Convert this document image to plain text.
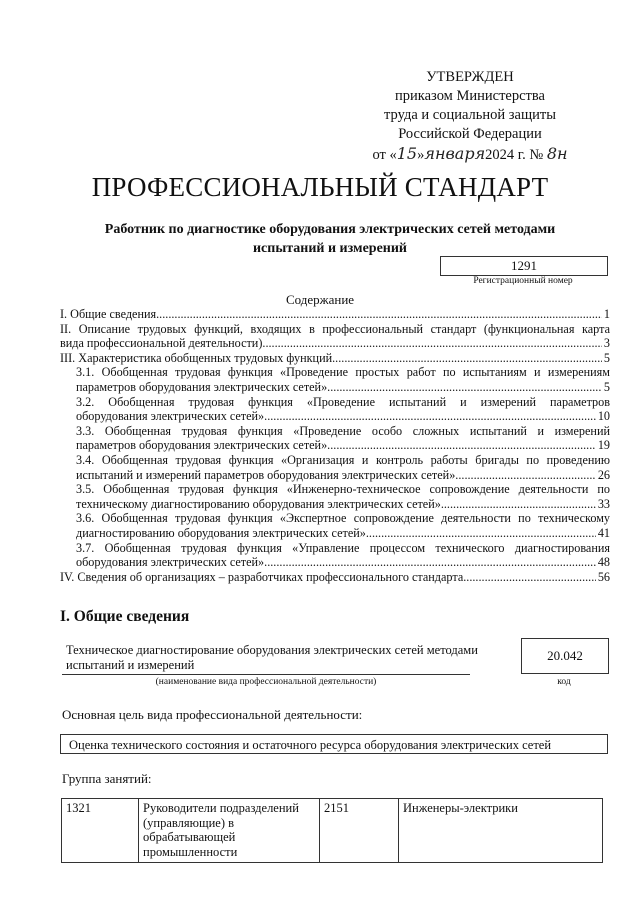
УТВЕРЖДЕН
приказом Министерства
труда и социальной защиты
Российской Федерации
от «15»января2024 г. № 8н
ПРОФЕССИОНАЛЬНЫЙ СТАНДАРТ
Работник по диагностике оборудования электрических сетей методами испытаний и измерений
1291
Регистрационный номер
Содержание
I. Общие сведения .....	1
II. Описание трудовых функций, входящих в профессиональный стандарт (функциональная карта
вида профессиональной деятельности) .....	3
III. Характеристика обобщенных трудовых функций .....	5
3.1. Обобщенная трудовая функция «Проведение простых работ по испытаниям и измерениям
параметров оборудования электрических сетей» .....	5
3.2. Обобщенная трудовая функция «Проведение испытаний и измерений параметров
оборудования электрических сетей» .....	10
3.3. Обобщенная трудовая функция «Проведение особо сложных испытаний и измерений
параметров оборудования электрических сетей» .....	19
3.4. Обобщенная трудовая функция «Организация и контроль работы бригады по проведению
испытаний и измерений параметров оборудования электрических сетей» .....	26
3.5. Обобщенная трудовая функция «Инженерно-техническое сопровождение деятельности по
техническому диагностированию оборудования электрических сетей» .....	33
3.6. Обобщенная трудовая функция «Экспертное сопровождение деятельности по техническому
диагностированию оборудования электрических сетей» .....	41
3.7. Обобщенная трудовая функция «Управление процессом технического диагностирования
оборудования электрических сетей» .....	48
IV. Сведения об организациях – разработчиках профессионального стандарта .....	56
I. Общие сведения
Техническое диагностирование оборудования электрических сетей методами испытаний и измерений
(наименование вида профессиональной деятельности)
20.042
код
Основная цель вида профессиональной деятельности:
Оценка технического состояния и остаточного ресурса оборудования электрических сетей
Группа занятий:
1321	Руководители подразделений (управляющие) в обрабатывающей промышленности	2151	Инженеры-электрики
